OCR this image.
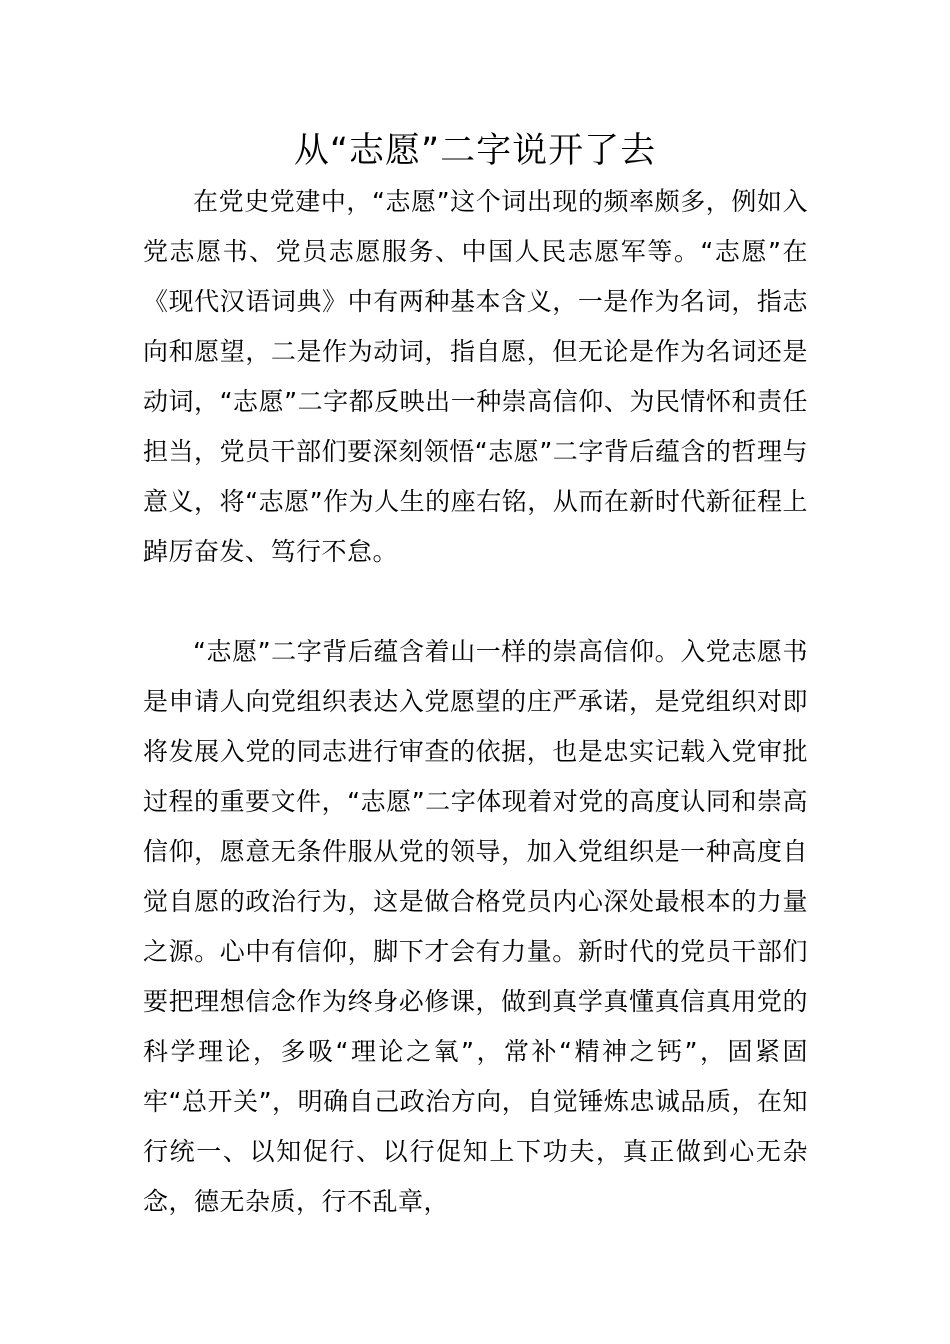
从“志愿”二字说开了去

在党史党建中，“志愿”这个词出现的频率颇多，例如入党志愿书、党员志愿服务、中国人民志愿军等。“志愿”在《现代汉语词典》中有两种基本含义，一是作为名词，指志向和愿望，二是作为动词，指自愿，但无论是作为名词还是动词，“志愿”二字都反映出一种崇高信仰、为民情怀和责任担当，党员干部们要深刻领悟“志愿”二字背后蕴含的哲理与意义，将“志愿”作为人生的座右铭，从而在新时代新征程上踔厉奋发、笃行不怠。

“志愿”二字背后蕴含着山一样的崇高信仰。入党志愿书是申请人向党组织表达入党愿望的庄严承诺，是党组织对即将发展入党的同志进行审查的依据，也是忠实记载入党审批过程的重要文件，“志愿”二字体现着对党的高度认同和崇高信仰，愿意无条件服从党的领导，加入党组织是一种高度自觉自愿的政治行为，这是做合格党员内心深处最根本的力量之源。心中有信仰，脚下才会有力量。新时代的党员干部们要把理想信念作为终身必修课，做到真学真懂真信真用党的科学理论，多吸“理论之氧”，常补“精神之钙”，固紧固牢“总开关”，明确自己政治方向，自觉锤炼忠诚品质，在知行统一、以知促行、以行促知上下功夫，真正做到心无杂念，德无杂质，行不乱章，
